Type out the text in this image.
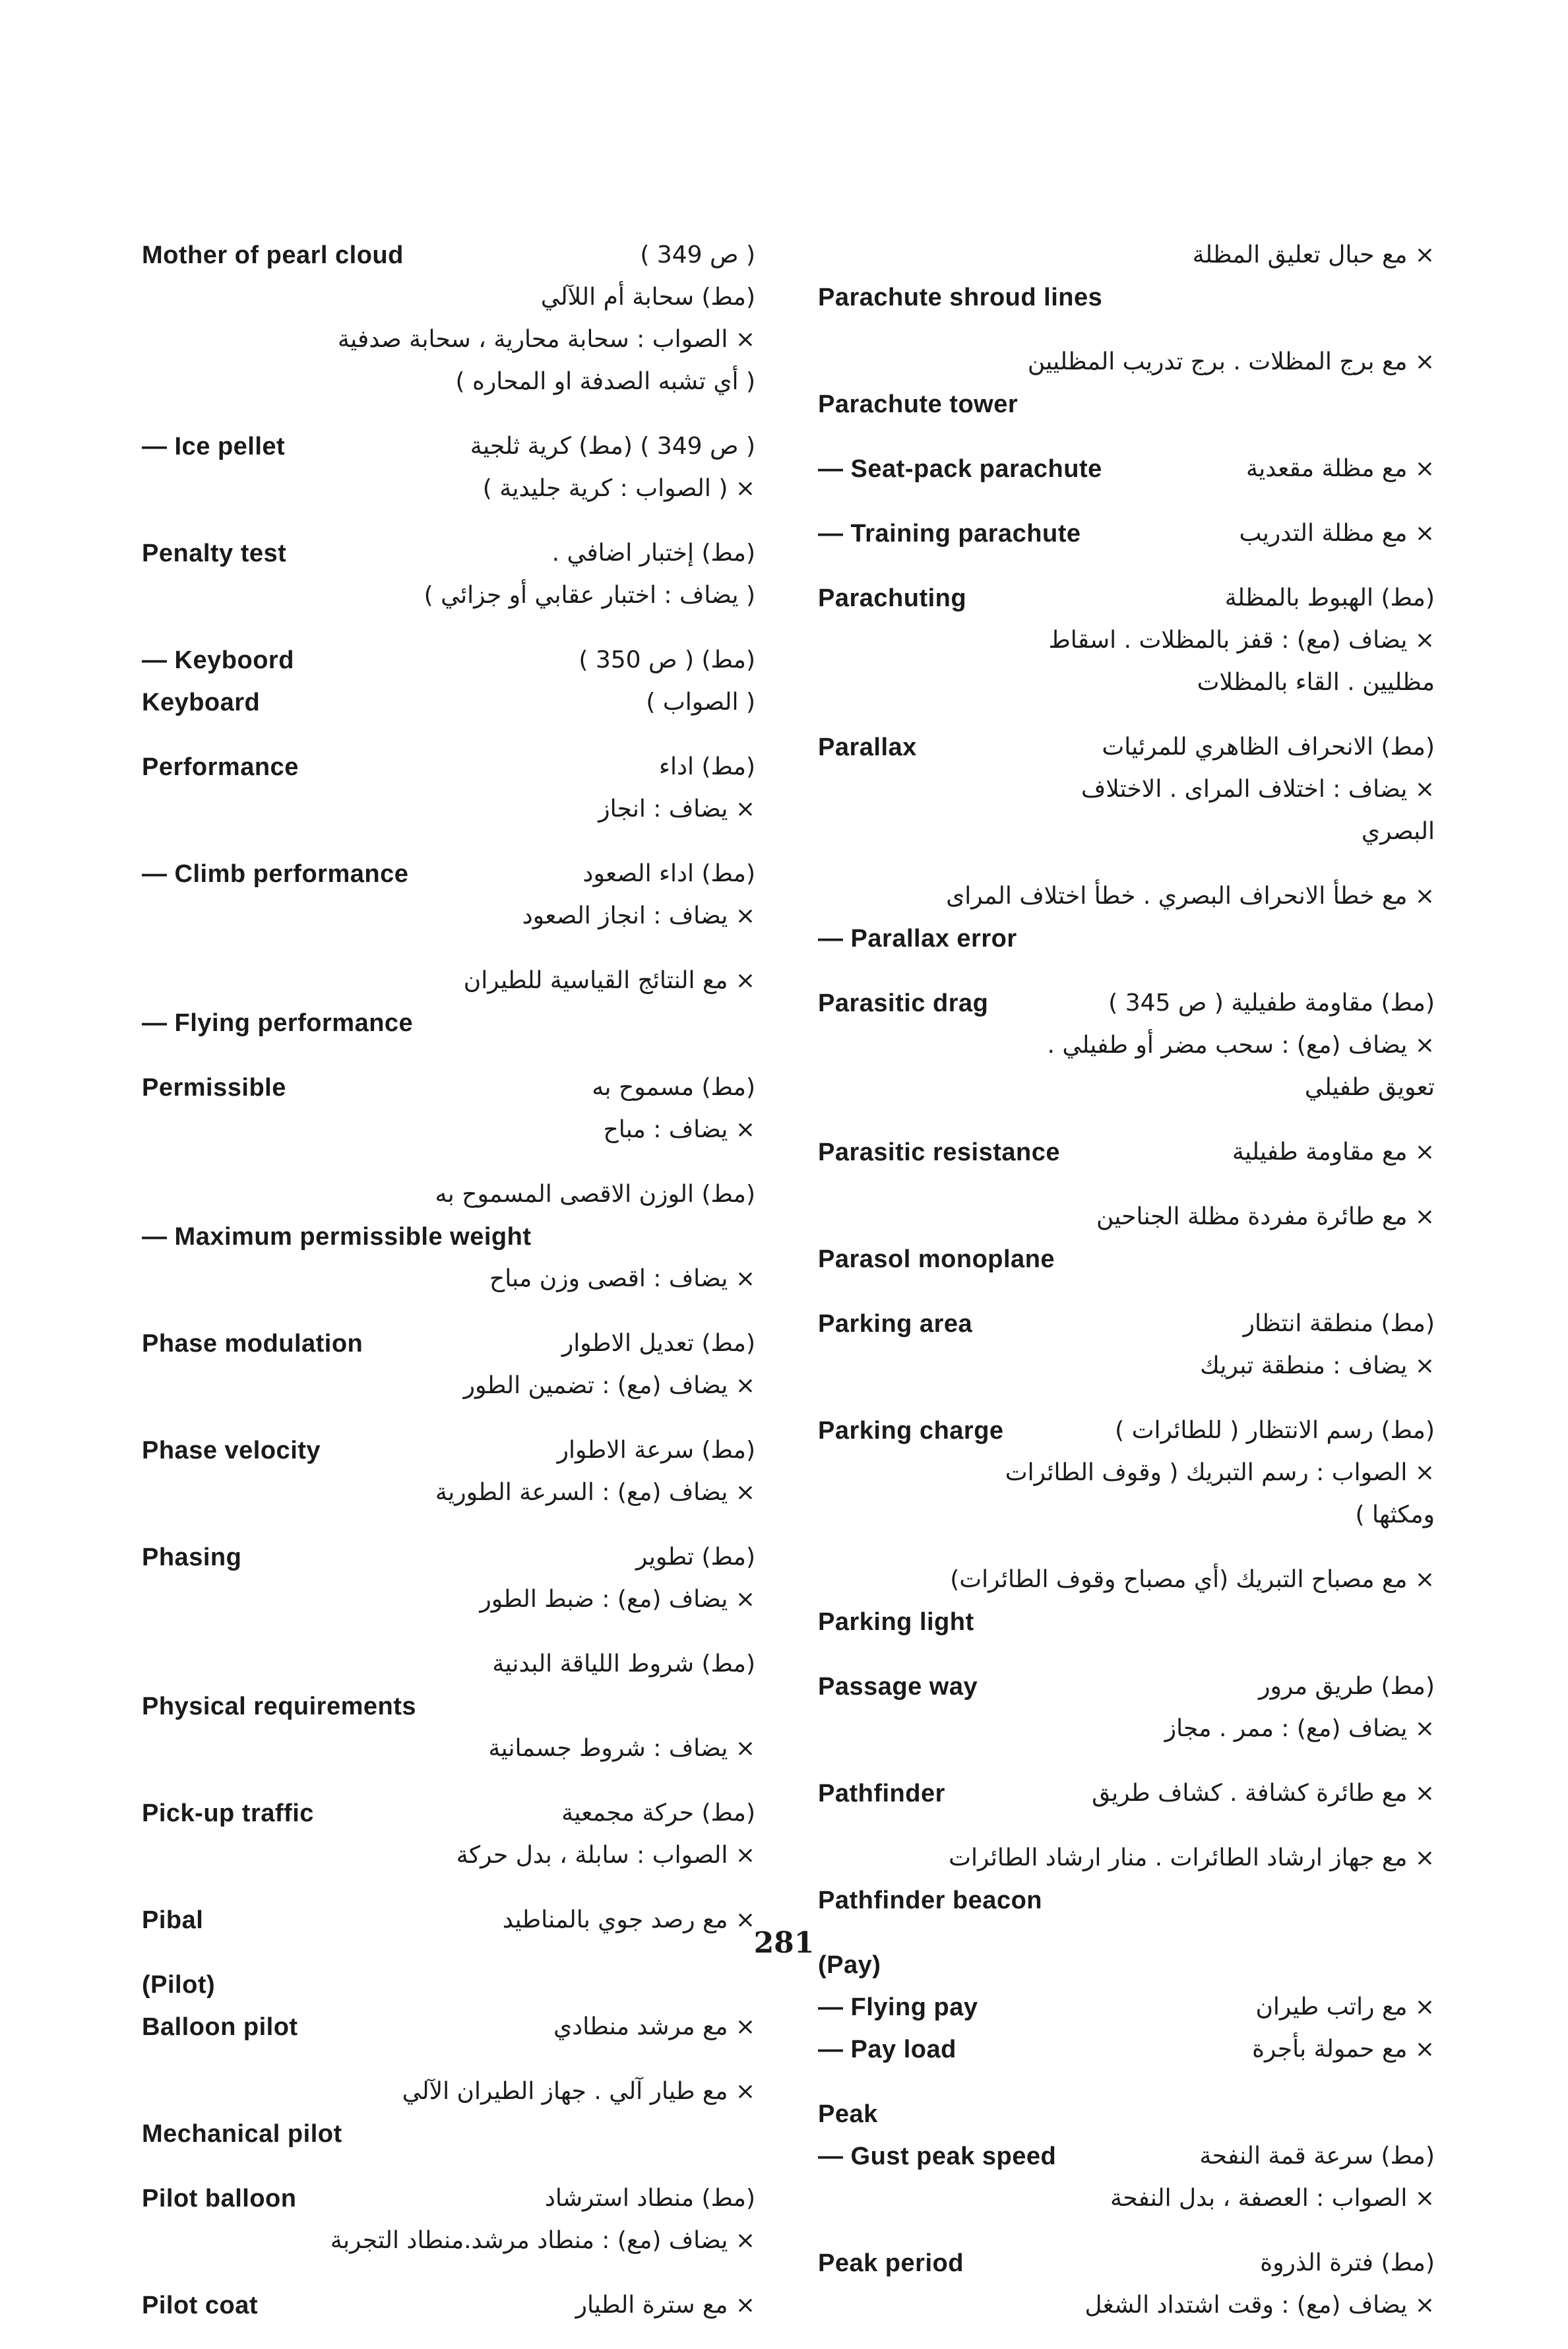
Mother of pearl cloud	( ص 349 )
(مط) سحابة أم اللآلي
× الصواب : سحابة محارية ، سحابة صدفية
( أي تشبه الصدفة او المحاره )
— Ice pellet	( ص 349 ) (مط) كرية ثلجية
× ( الصواب : كرية جليدية )
Penalty test	(مط) إختبار اضافي .
( يضاف : اختبار عقابي أو جزائي )
— Keyboord	(مط) ( ص 350 )
Keyboard	( الصواب )
Performance	(مط) اداء
× يضاف : انجاز
— Climb performance	(مط) اداء الصعود
× يضاف : انجاز الصعود
× مع النتائج القياسية للطيران
— Flying performance
Permissible	(مط) مسموح به
× يضاف : مباح
(مط) الوزن الاقصى المسموح به
— Maximum permissible weight
× يضاف : اقصى وزن مباح
Phase modulation	(مط) تعديل الاطوار
× يضاف (مع) : تضمين الطور
Phase velocity	(مط) سرعة الاطوار
× يضاف (مع) : السرعة الطورية
Phasing	(مط) تطوير
× يضاف (مع) : ضبط الطور
(مط) شروط اللياقة البدنية
Physical requirements
× يضاف : شروط جسمانية
Pick-up traffic	(مط) حركة مجمعية
× الصواب : سابلة ، بدل حركة
Pibal	× مع رصد جوي بالمناطيد
(Pilot)
Balloon pilot	× مع مرشد منطادي
× مع طيار آلي . جهاز الطيران الآلي
Mechanical pilot
Pilot balloon	(مط) منطاد استرشاد
× يضاف (مع) : منطاد مرشد.منطاد التجربة
Pilot coat	× مع سترة الطيار
× مع حبال تعليق المظلة
Parachute shroud lines
× مع برج المظلات . برج تدريب المظليين
Parachute tower
— Seat-pack parachute	× مع مظلة مقعدية
— Training parachute	× مع مظلة التدريب
Parachuting	(مط) الهبوط بالمظلة
× يضاف (مع) : قفز بالمظلات . اسقاط
مظليين . القاء بالمظلات
Parallax	(مط) الانحراف الظاهري للمرئيات
× يضاف : اختلاف المراى . الاختلاف
البصري
× مع خطأ الانحراف البصري . خطأ اختلاف المراى
— Parallax error
Parasitic drag	(مط) مقاومة طفيلية ( ص 345 )
× يضاف (مع) : سحب مضر أو طفيلي .
تعويق طفيلي
Parasitic resistance	× مع مقاومة طفيلية
× مع طائرة مفردة مظلة الجناحين
Parasol monoplane
Parking area	(مط) منطقة انتظار
× يضاف : منطقة تبريك
Parking charge	(مط) رسم الانتظار ( للطائرات )
× الصواب : رسم التبريك ( وقوف الطائرات
ومكثها )
× مع مصباح التبريك (أي مصباح وقوف الطائرات)
Parking light
Passage way	(مط) طريق مرور
× يضاف (مع) : ممر . مجاز
Pathfinder	× مع طائرة كشافة . كشاف طريق
× مع جهاز ارشاد الطائرات . منار ارشاد الطائرات
Pathfinder beacon
(Pay)
— Flying pay	× مع راتب طيران
— Pay load	× مع حمولة بأجرة
Peak
— Gust peak speed	(مط) سرعة قمة النفحة
× الصواب : العصفة ، بدل النفحة
Peak period	(مط) فترة الذروة
× يضاف (مع) : وقت اشتداد الشغل
281
